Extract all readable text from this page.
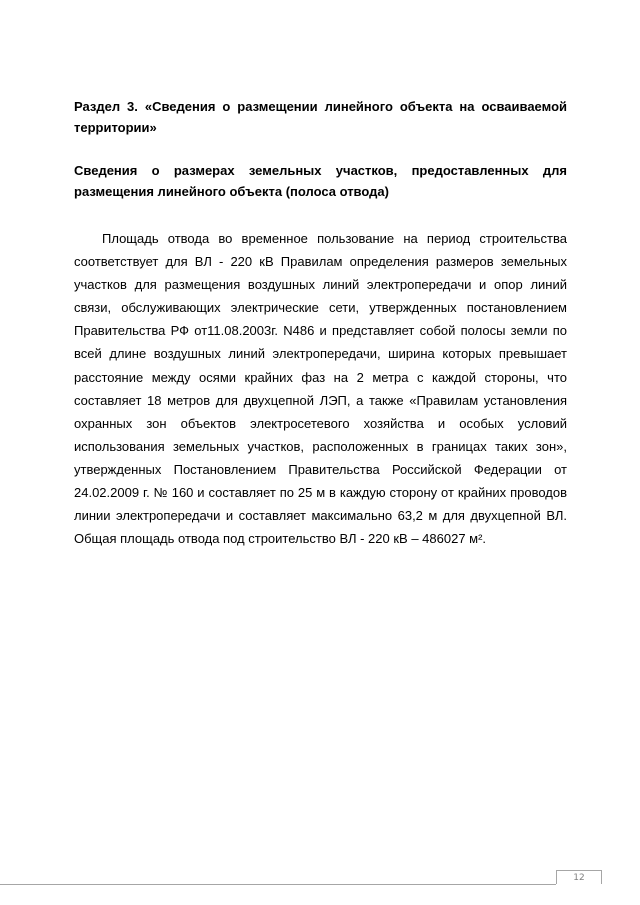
Раздел 3. «Сведения о размещении линейного объекта на осваиваемой территории»

Сведения о размерах земельных участков, предоставленных для размещения линейного объекта (полоса отвода)

Площадь отвода во временное пользование на период строительства соответствует для ВЛ - 220 кВ Правилам определения размеров земельных участков для размещения воздушных линий электропередачи и опор линий связи, обслуживающих электрические сети, утвержденных постановлением Правительства РФ от11.08.2003г. N486 и представляет собой полосы земли по всей длине воздушных линий электропередачи, ширина которых превышает расстояние между осями крайних фаз на 2 метра с каждой стороны, что составляет 18 метров для двухцепной ЛЭП, а также «Правилам установления охранных зон объектов электросетевого хозяйства и особых условий использования земельных участков, расположенных в границах таких зон», утвержденных Постановлением Правительства Российской Федерации от 24.02.2009 г. № 160 и составляет по 25 м в каждую сторону от крайних проводов линии электропередачи и составляет максимально 63,2 м для двухцепной ВЛ. Общая площадь отвода под строительство ВЛ - 220 кВ – 486027 м².

12
